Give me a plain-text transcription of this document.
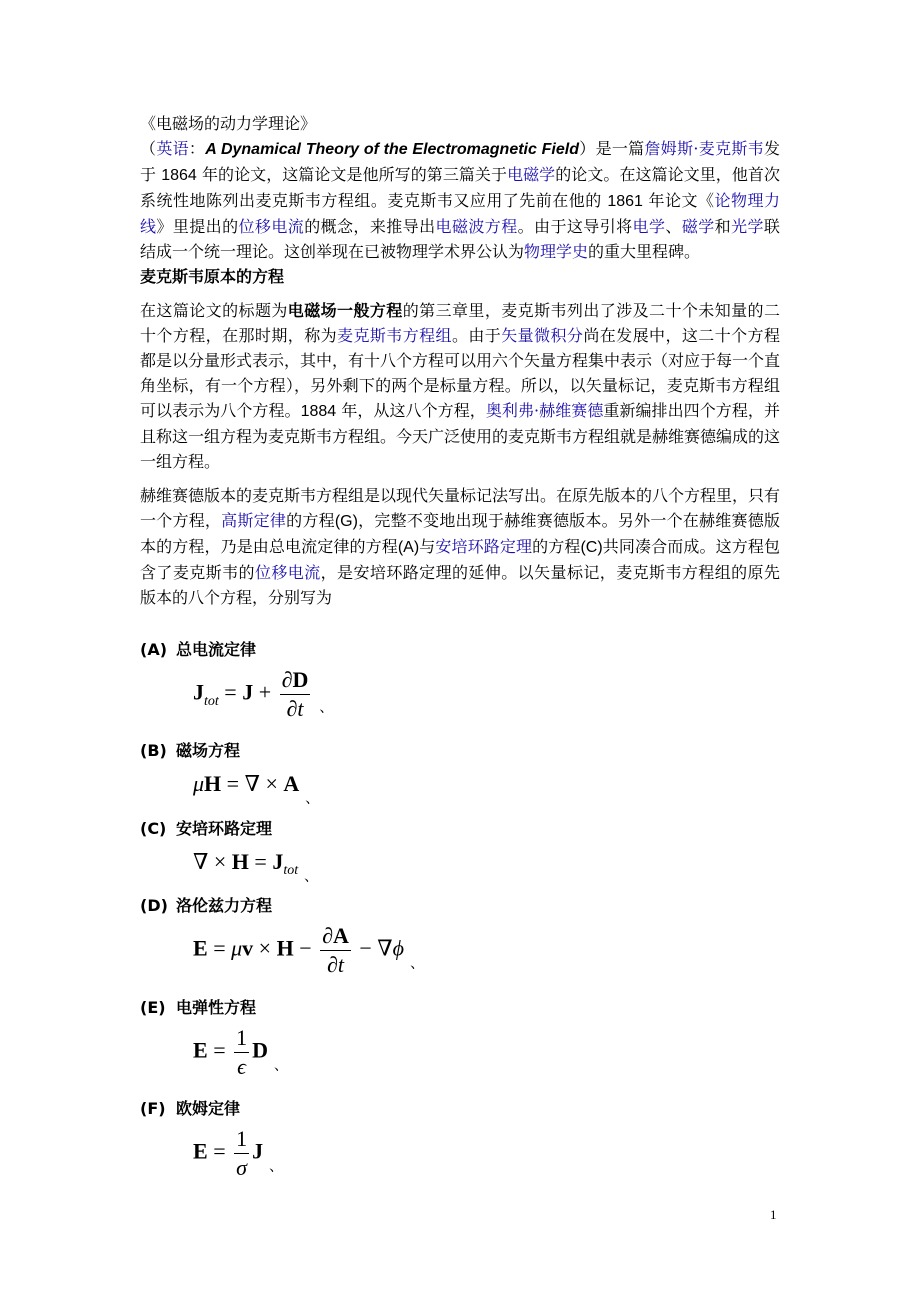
《电磁场的动力学理论》

（英语：A Dynamical Theory of the Electromagnetic Field）是一篇詹姆斯·麦克斯韦发于 1864 年的论文，这篇论文是他所写的第三篇关于电磁学的论文。在这篇论文里，他首次系统性地陈列出麦克斯韦方程组。麦克斯韦又应用了先前在他的 1861 年论文《论物理力线》里提出的位移电流的概念，来推导出电磁波方程。由于这导引将电学、磁学和光学联结成一个统一理论。这创举现在已被物理学术界公认为物理学史的重大里程碑。

麦克斯韦原本的方程

在这篇论文的标题为电磁场一般方程的第三章里，麦克斯韦列出了涉及二十个未知量的二十个方程，在那时期，称为麦克斯韦方程组。由于矢量微积分尚在发展中，这二十个方程都是以分量形式表示，其中，有十八个方程可以用六个矢量方程集中表示（对应于每一个直角坐标，有一个方程），另外剩下的两个是标量方程。所以，以矢量标记，麦克斯韦方程组可以表示为八个方程。1884 年，从这八个方程，奥利弗·赫维赛德重新编排出四个方程，并且称这一组方程为麦克斯韦方程组。今天广泛使用的麦克斯韦方程组就是赫维赛德编成的这一组方程。

赫维赛德版本的麦克斯韦方程组是以现代矢量标记法写出。在原先版本的八个方程里，只有一个方程，高斯定律的方程(G)，完整不变地出现于赫维赛德版本。另外一个在赫维赛德版本的方程，乃是由总电流定律的方程(A)与安培环路定理的方程(C)共同凑合而成。这方程包含了麦克斯韦的位移电流，是安培环路定理的延伸。以矢量标记，麦克斯韦方程组的原先版本的八个方程，分别写为

(A) 总电流定律
(B) 磁场方程
(C) 安培环路定理
(D) 洛伦兹力方程
(E) 电弹性方程
(F) 欧姆定律
$J_{tot} = J + \frac{\partial D}{\partial t} _、$
μH = ∇ × $A_、$
∇ × $H = J_{tot}$ $_、$
$E = \mu v \times H - \frac{\partial A}{\partial t} - \nabla\phi_、$
$E = \frac{1}{\epsilon} D_、$
$E = \frac{1}{\sigma} J_、$
1
